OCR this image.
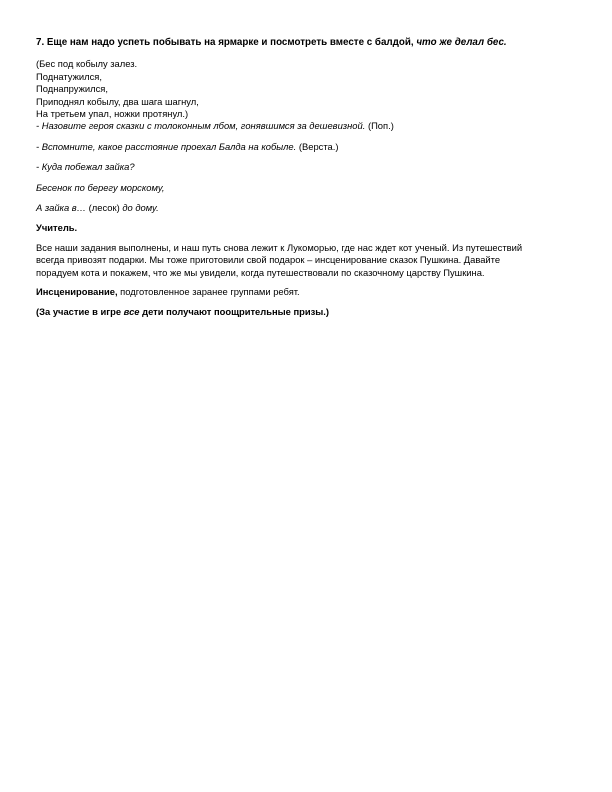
7. Еще нам надо успеть побывать на ярмарке и посмотреть вместе с балдой, что же делал бес.
(Бес под кобылу залез.
Поднатужился,
Поднапружился,
Приподнял кобылу, два шага шагнул,
На третьем упал, ножки протянул.)
- Назовите героя сказки с толоконным лбом, гонявшимся за дешевизной. (Поп.)
- Вспомните, какое расстояние проехал Балда на кобыле. (Верста.)
- Куда побежал зайка?
Бесенок по берегу морскому,
А зайка в… (лесок) до дому.
Учитель.
Все наши задания выполнены, и наш путь снова лежит к Лукоморью, где нас ждет кот ученый. Из путешествий
всегда привозят подарки. Мы тоже приготовили свой подарок – инсценирование сказок Пушкина. Давайте
порадуем кота и покажем, что же мы увидели, когда путешествовали по сказочному царству Пушкина.
Инсценирование, подготовленное заранее группами ребят.
(За участие в игре все дети получают поощрительные призы.)
